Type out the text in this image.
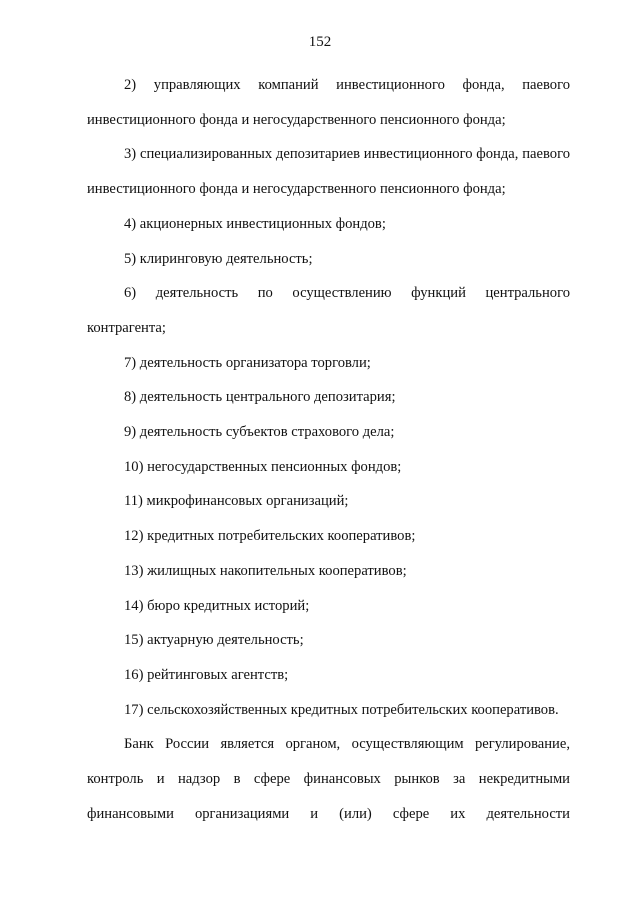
152

2) управляющих компаний инвестиционного фонда, паевого инвестиционного фонда и негосударственного пенсионного фонда;

3) специализированных депозитариев инвестиционного фонда, паевого инвестиционного фонда и негосударственного пенсионного фонда;

4) акционерных инвестиционных фондов;

5) клиринговую деятельность;

6) деятельность по осуществлению функций центрального контрагента;

7) деятельность организатора торговли;

8) деятельность центрального депозитария;

9) деятельность субъектов страхового дела;

10) негосударственных пенсионных фондов;

11) микрофинансовых организаций;

12) кредитных потребительских кооперативов;

13) жилищных накопительных кооперативов;

14) бюро кредитных историй;

15) актуарную деятельность;

16) рейтинговых агентств;

17) сельскохозяйственных кредитных потребительских кооперативов.

Банк России является органом, осуществляющим регулирование, контроль и надзор в сфере финансовых рынков за некредитными финансовыми организациями и (или) сфере их деятельности
